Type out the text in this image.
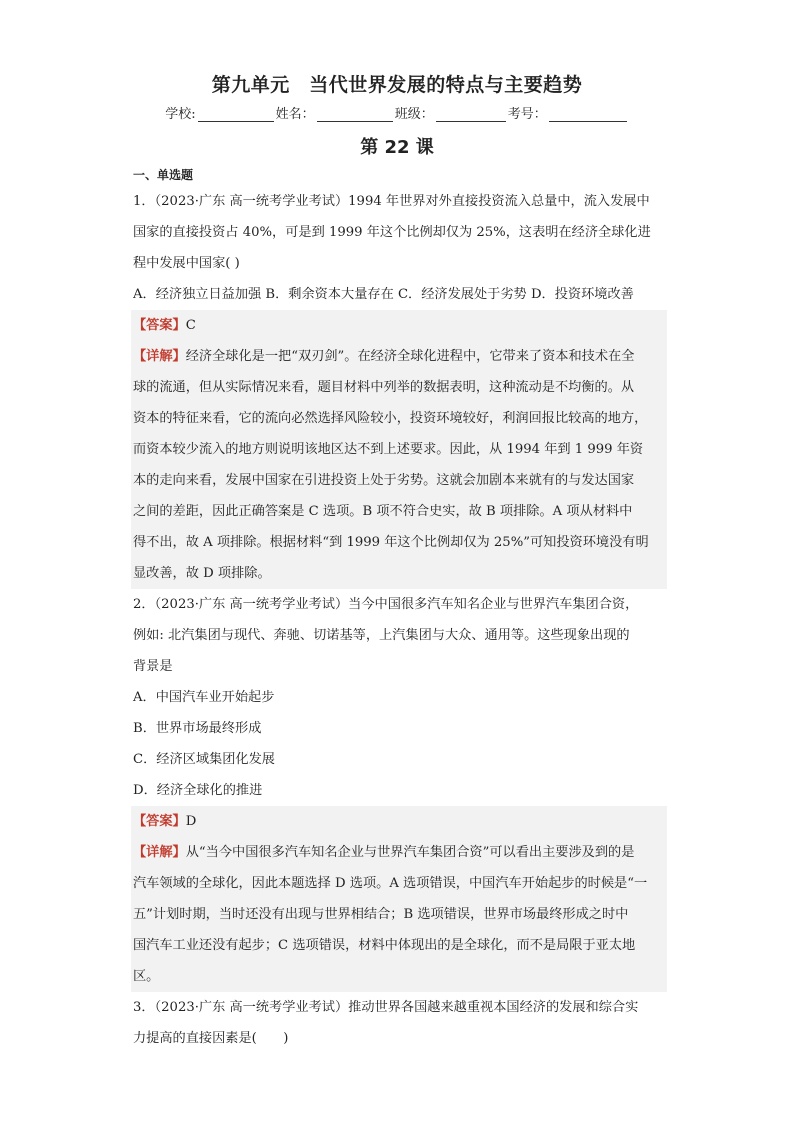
第九单元　当代世界发展的特点与主要趋势
学校:	姓名：	班级：	考号：
第 22 课
一、单选题
1．（2023·广东 高一统考学业考试）1994 年世界对外直接投资流入总量中，流入发展中
国家的直接投资占 40%，可是到 1999 年这个比例却仅为 25%，这表明在经济全球化进
程中发展中国家( )
A．经济独立日益加强 B．剩余资本大量存在 C．经济发展处于劣势 D．投资环境改善
【答案】C
【详解】经济全球化是一把“双刃剑”。在经济全球化进程中，它带来了资本和技术在全
球的流通，但从实际情况来看，题目材料中列举的数据表明，这种流动是不均衡的。从
资本的特征来看，它的流向必然选择风险较小，投资环境较好，利润回报比较高的地方，
而资本较少流入的地方则说明该地区达不到上述要求。因此，从 1994 年到 1 999 年资
本的走向来看，发展中国家在引进投资上处于劣势。这就会加剧本来就有的与发达国家
之间的差距，因此正确答案是 C 选项。B 项不符合史实，故 B 项排除。A 项从材料中
得不出，故 A 项排除。根据材料“到 1999 年这个比例却仅为 25%”可知投资环境没有明
显改善，故 D 项排除。
2．（2023·广东 高一统考学业考试）当今中国很多汽车知名企业与世界汽车集团合资，
例如: 北汽集团与现代、奔驰、切诺基等，上汽集团与大众、通用等。这些现象出现的
背景是
A．中国汽车业开始起步
B．世界市场最终形成
C．经济区域集团化发展
D．经济全球化的推进
【答案】D
【详解】从“当今中国很多汽车知名企业与世界汽车集团合资”可以看出主要涉及到的是
汽车领域的全球化，因此本题选择 D 选项。A 选项错误，中国汽车开始起步的时候是“一
五”计划时期，当时还没有出现与世界相结合；B 选项错误，世界市场最终形成之时中
国汽车工业还没有起步；C 选项错误，材料中体现出的是全球化，而不是局限于亚太地
区。
3．（2023·广东 高一统考学业考试）推动世界各国越来越重视本国经济的发展和综合实
力提高的直接因素是(　　)
